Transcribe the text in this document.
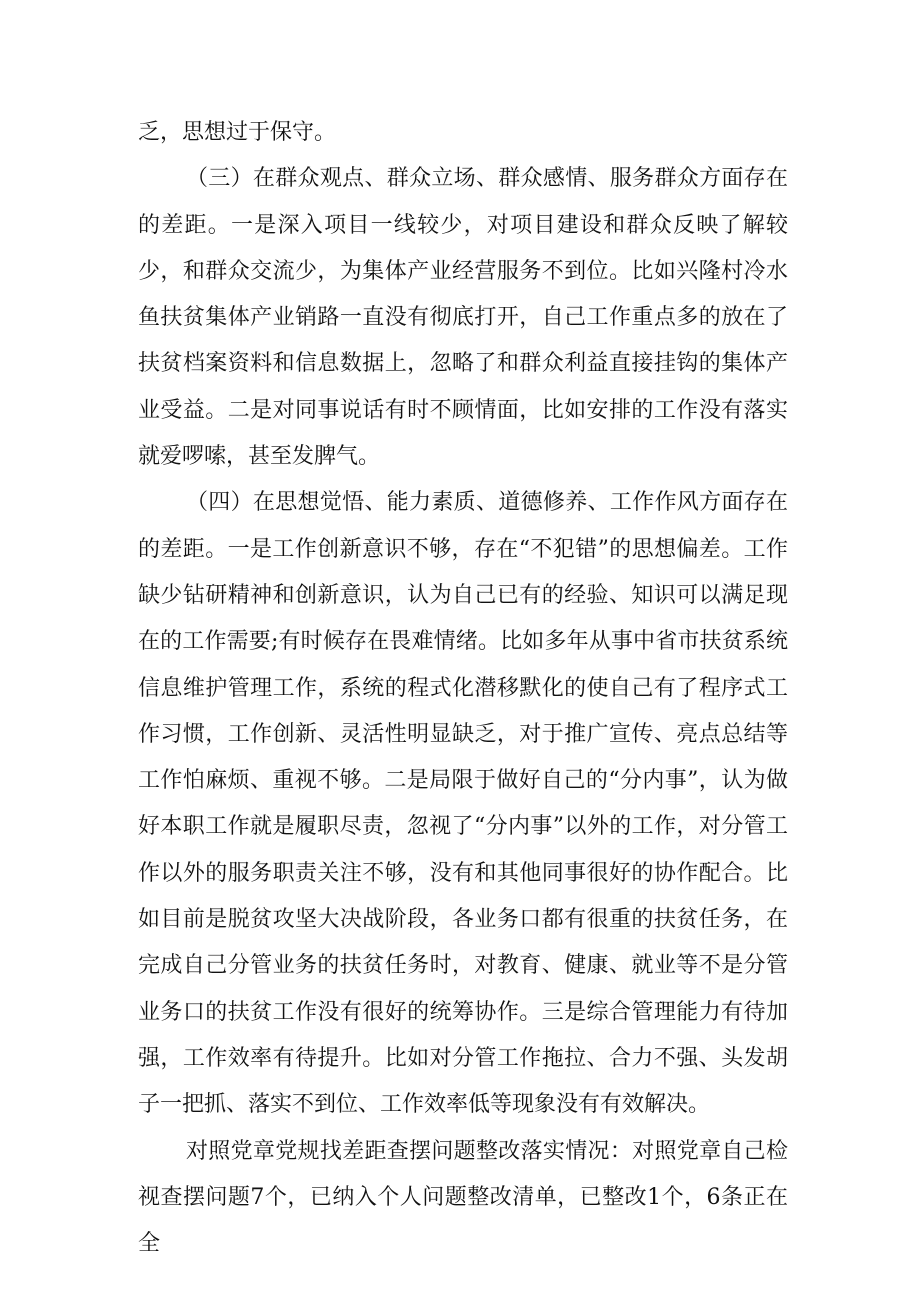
乏，思想过于保守。

（三）在群众观点、群众立场、群众感情、服务群众方面存在的差距。一是深入项目一线较少，对项目建设和群众反映了解较少，和群众交流少，为集体产业经营服务不到位。比如兴隆村冷水鱼扶贫集体产业销路一直没有彻底打开，自己工作重点多的放在了扶贫档案资料和信息数据上，忽略了和群众利益直接挂钩的集体产业受益。二是对同事说话有时不顾情面，比如安排的工作没有落实就爱啰嗦，甚至发脾气。

（四）在思想觉悟、能力素质、道德修养、工作作风方面存在的差距。一是工作创新意识不够，存在“不犯错”的思想偏差。工作缺少钻研精神和创新意识，认为自己已有的经验、知识可以满足现在的工作需要;有时候存在畏难情绪。比如多年从事中省市扶贫系统信息维护管理工作，系统的程式化潜移默化的使自己有了程序式工作习惯，工作创新、灵活性明显缺乏，对于推广宣传、亮点总结等工作怕麻烦、重视不够。二是局限于做好自己的“分内事”，认为做好本职工作就是履职尽责，忽视了“分内事”以外的工作，对分管工作以外的服务职责关注不够，没有和其他同事很好的协作配合。比如目前是脱贫攻坚大决战阶段，各业务口都有很重的扶贫任务，在完成自己分管业务的扶贫任务时，对教育、健康、就业等不是分管业务口的扶贫工作没有很好的统筹协作。三是综合管理能力有待加强，工作效率有待提升。比如对分管工作拖拉、合力不强、头发胡子一把抓、落实不到位、工作效率低等现象没有有效解决。

对照党章党规找差距查摆问题整改落实情况：对照党章自己检视查摆问题7个，已纳入个人问题整改清单，已整改1个，6条正在全
